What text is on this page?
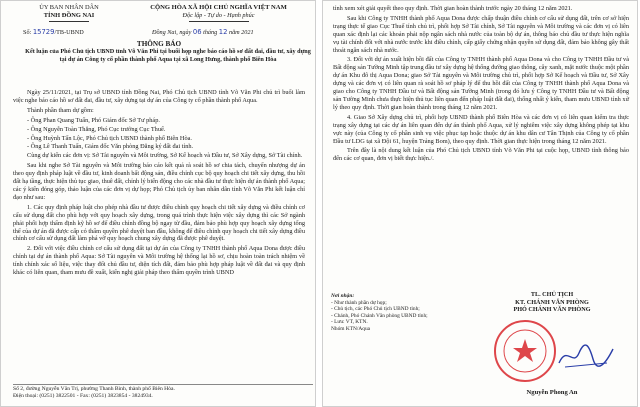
ỦY BAN NHÂN DÂN
TỈNH ĐỒNG NAI
CỘNG HÒA XÃ HỘI CHỦ NGHĨA VIỆT NAM
Độc lập - Tự do - Hạnh phúc
Số: 15729/TB-UBND	Đồng Nai, ngày 06 tháng 12 năm 2021
THÔNG BÁO
Kết luận của Phó Chủ tịch UBND tỉnh Võ Văn Phi tại buổi họp nghe báo cáo hồ sơ đất đai, đầu tư, xây dựng tại dự án Công ty cổ phần thành phố Aqua tại xã Long Hưng, thành phố Biên Hòa

Ngày 25/11/2021, tại Trụ sở UBND tỉnh Đồng Nai, Phó Chủ tịch UBND tỉnh Võ Văn Phi chủ trì buổi làm việc nghe báo cáo hồ sơ đất đai, đầu tư, xây dựng tại dự án của Công ty cổ phần thành phố Aqua.

Thành phần tham dự gồm:

- Ông Phan Quang Tuấn, Phó Giám đốc Sở Tư pháp.

- Ông Nguyễn Toàn Thắng, Phó Cục trưởng Cục Thuế.

- Ông Huỳnh Tấn Lộc, Phó Chủ tịch UBND thành phố Biên Hòa.

- Ông Lê Thanh Tuấn, Giám đốc Văn phòng Đăng ký đất đai tỉnh.

Cùng dự kiến các đơn vị: Sở Tài nguyên và Môi trường, Sở Kế hoạch và Đầu tư, Sở Xây dựng, Sở Tài chính.

Sau khi nghe Sở Tài nguyên và Môi trường báo cáo kết quả rà soát hồ sơ chia tách, chuyển nhượng dự án theo quy định pháp luật về đầu tư, kinh doanh bất động sản, điều chỉnh cục bộ quy hoạch chi tiết xây dựng, thu hồi đất hạ tầng, thực hiện thủ tục giao, thuê đất, chỉnh lý biến động cho các nhà đầu tư thực hiện dự án thành phố Aqua; các ý kiến đóng góp, thảo luận của các đơn vị dự họp; Phó Chủ tịch ủy ban nhân dân tỉnh Võ Văn Phi kết luận chỉ đạo như sau:

1. Các quy định pháp luật cho phép nhà đầu tư được điều chỉnh quy hoạch chi tiết xây dựng và điều chỉnh cơ cấu sử dụng đất cho phù hợp với quy hoạch xây dựng, trong quá trình thực hiện việc xây dựng thì các Sở ngành phải phối hợp thẩm định kỹ hồ sơ để điều chỉnh đồng bộ ngay từ đầu, đảm bảo phù hợp quy hoạch xây dựng tổng thể của dự án đã được cấp có thẩm quyền phê duyệt ban đầu, không để điều chỉnh quy hoạch chi tiết xây dựng điều chỉnh cơ cấu sử dụng đất làm phá vỡ quy hoạch chung xây dựng đã được phê duyệt.

2. Đối với việc điều chỉnh cơ cấu sử dụng đất tại dự án của Công ty TNHH thành phố Aqua Dona được điều chỉnh tại dự án thành phố Aqua: Sở Tài nguyên và Môi trường hệ thống lại hồ sơ, chịu hoàn toàn trách nhiệm về tính chính xác số liệu, việc thay đổi chủ đầu tư, diện tích đất, đảm bảo phù hợp pháp luật về đất đai và quy định khác có liên quan, tham mưu đề xuất, kiến nghị giải pháp theo thẩm quyền trình UBND

Số 2, đường Nguyễn Văn Trị, phường Thanh Bình, thành phố Biên Hòa.
Điện thoại: (0251) 3822501 - Fax: (0251) 3823854 - 3824934.

tỉnh xem xét giải quyết theo quy định. Thời gian hoàn thành trước ngày 20 tháng 12 năm 2021.

Sau khi Công ty TNHH thành phố Aqua Dona được chấp thuận điều chỉnh cơ cấu sử dụng đất, trên cơ sở hiện trạng thực tế giao Cục Thuế tỉnh chủ trì, phối hợp Sở Tài chính, Sở Tài nguyên và Môi trường và các đơn vị có liên quan xác định lại các khoản phải nộp ngân sách nhà nước của toàn bộ dự án, thông báo chủ đầu tư thực hiện nghĩa vụ tài chính đối với nhà nước trước khi điều chỉnh, cấp giấy chứng nhận quyền sử dụng đất, đảm bảo không gây thất thoát ngân sách nhà nước.

3. Đối với dự án xuất hiện bồi đất của Công ty TNHH thành phố Aqua Dona và cho Công ty TNHH Đầu tư và Bất động sản Tường Minh tập trung đầu tư xây dựng hệ thống đường giao thông, cây xanh, mặt nước thuộc một phần dự án Khu đô thị Aqua Dona; giao Sở Tài nguyên và Môi trường chủ trì, phối hợp Sở Kế hoạch và Đầu tư, Sở Xây dựng và các đơn vị có liên quan rà soát hồ sơ pháp lý để thu hồi đất của Công ty TNHH thành phố Aqua Dona và giao cho Công ty TNHH Đầu tư và Bất động sản Tường Minh (trong đó lưu ý Công ty TNHH Đầu tư và Bất động sản Tường Minh chưa thực hiện thủ tục liên quan đến pháp luật đất đai), thống nhất ý kiến, tham mưu UBND tỉnh xử lý theo quy định. Thời gian hoàn thành trong tháng 12 năm 2021.

4. Giao Sở Xây dựng chủ trì, phối hợp UBND thành phố Biên Hòa và các đơn vị có liên quan kiểm tra thực trạng xây dựng tại các dự án liên quan đến dự án thành phố Aqua, xử lý nghiêm việc xây dựng không phép tại khu vực này (của Công ty cổ phần sinh vụ việc phục tạp hoặc thuộc dự án khu dân cư Tân Thịnh của Công ty cổ phần Đầu tư LDG tại xã Đội 61, huyện Trảng Bom), theo quy định. Thời gian thực hiện trong tháng 12 năm 2021.

Trên đây là nội dung kết luận của Phó Chủ tịch UBND tỉnh Võ Văn Phi tại cuộc họp, UBND tỉnh thông báo đến các cơ quan, đơn vị biết thực hiện./.

Nơi nhận:
- Như thành phần dự họp;
- Chủ tịch, các Phó Chủ tịch UBND tỉnh;
- Chánh, Phó Chánh Văn phòng UBND tỉnh;
- Lưu: VT, KTN.
Nhóm KTN/Aqua
TL. CHỦ TỊCH
KT. CHÁNH VĂN PHÒNG
PHÓ CHÁNH VĂN PHÒNG
Nguyễn Phong An
